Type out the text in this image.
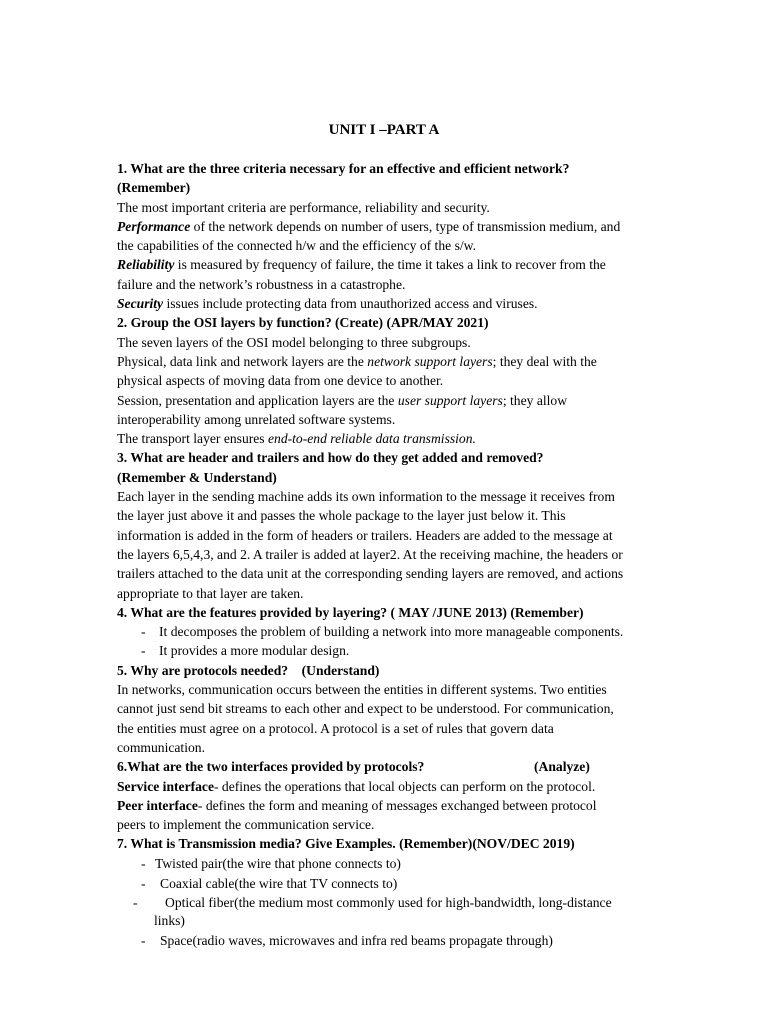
UNIT I –PART A

1. What are the three criteria necessary for an effective and efficient network?

(Remember)

The most important criteria are performance, reliability and security.

Performance of the network depends on number of users, type of transmission medium, and

the capabilities of the connected h/w and the efficiency of the s/w.

Reliability is measured by frequency of failure, the time it takes a link to recover from the

failure and the network’s robustness in a catastrophe.

Security issues include protecting data from unauthorized access and viruses.

2. Group the OSI layers by function? (Create) (APR/MAY 2021)

The seven layers of the OSI model belonging to three subgroups.

Physical, data link and network layers are the network support layers; they deal with the

physical aspects of moving data from one device to another.

Session, presentation and application layers are the user support layers; they allow

interoperability among unrelated software systems.

The transport layer ensures end-to-end reliable data transmission.

3. What are header and trailers and how do they get added and removed?

(Remember & Understand)

Each layer in the sending machine adds its own information to the message it receives from

the layer just above it and passes the whole package to the layer just below it. This

information is added in the form of headers or trailers. Headers are added to the message at

the layers 6,5,4,3, and 2. A trailer is added at layer2. At the receiving machine, the headers or

trailers attached to the data unit at the corresponding sending layers are removed, and actions

appropriate to that layer are taken.

4. What are the features provided by layering? ( MAY /JUNE 2013) (Remember)

- It decomposes the problem of building a network into more manageable components.

- It provides a more modular design.

5. Why are protocols needed?    (Understand)

In networks, communication occurs between the entities in different systems. Two entities

cannot just send bit streams to each other and expect to be understood. For communication,

the entities must agree on a protocol. A protocol is a set of rules that govern data

communication.

6.What are the two interfaces provided by protocols?	(Analyze)

Service interface- defines the operations that local objects can perform on the protocol.

Peer interface- defines the form and meaning of messages exchanged between protocol

peers to implement the communication service.

7. What is Transmission media? Give Examples. (Remember)(NOV/DEC 2019)

- Twisted pair(the wire that phone connects to)

- Coaxial cable(the wire that TV connects to)

- Optical fiber(the medium most commonly used for high-bandwidth, long-distance

links)

- Space(radio waves, microwaves and infra red beams propagate through)
